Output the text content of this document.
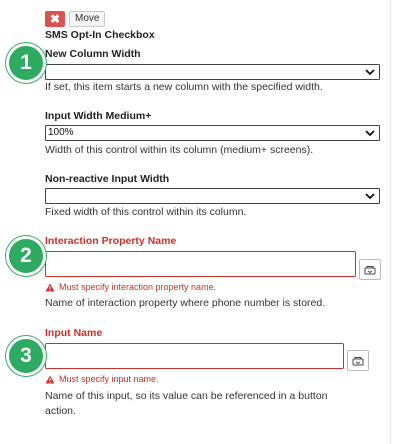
✖	Move
SMS Opt-In Checkbox
New Column Width
If set, this item starts a new column with the specified width.
Input Width Medium+
100%
Width of this control within its column (medium+ screens).
Non-reactive Input Width
Fixed width of this control within its column.
Interaction Property Name
Must specify interaction property name.
Name of interaction property where phone number is stored.
Input Name
Must specify input name.
Name of this input, so its value can be referenced in a button
action.
1
2
3
